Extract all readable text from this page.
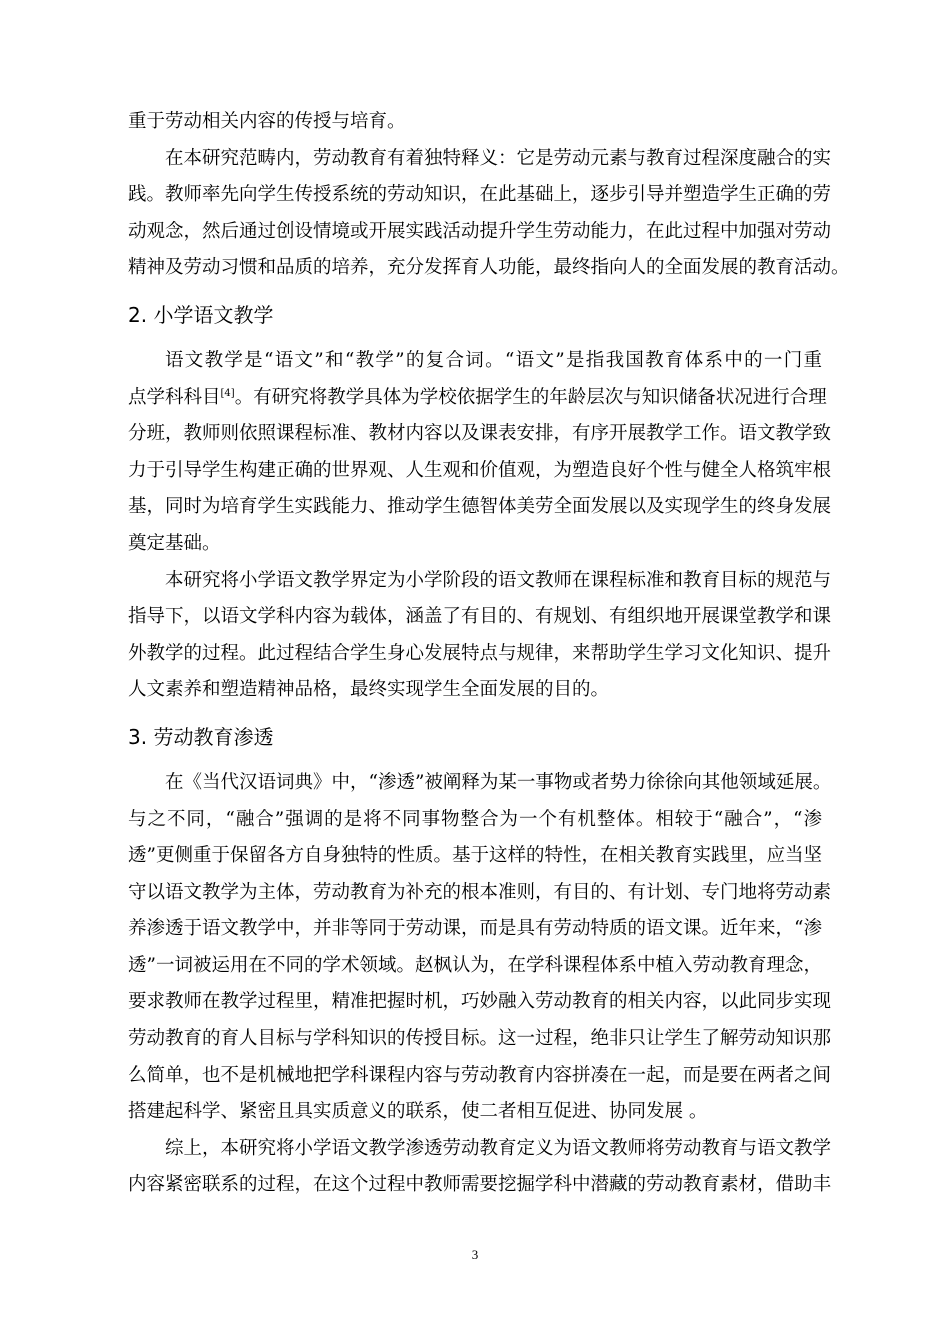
重于劳动相关内容的传授与培育。
在本研究范畴内，劳动教育有着独特释义：它是劳动元素与教育过程深度融合的实
践。教师率先向学生传授系统的劳动知识，在此基础上，逐步引导并塑造学生正确的劳
动观念，然后通过创设情境或开展实践活动提升学生劳动能力，在此过程中加强对劳动
精神及劳动习惯和品质的培养，充分发挥育人功能，最终指向人的全面发展的教育活动。
2. 小学语文教学
语文教学是“语文”和“教学”的复合词。“语文”是指我国教育体系中的一门重
点学科科目[4]。有研究将教学具体为学校依据学生的年龄层次与知识储备状况进行合理
分班，教师则依照课程标准、教材内容以及课表安排，有序开展教学工作。语文教学致
力于引导学生构建正确的世界观、人生观和价值观，为塑造良好个性与健全人格筑牢根
基，同时为培育学生实践能力、推动学生德智体美劳全面发展以及实现学生的终身发展
奠定基础。
本研究将小学语文教学界定为小学阶段的语文教师在课程标准和教育目标的规范与
指导下，以语文学科内容为载体，涵盖了有目的、有规划、有组织地开展课堂教学和课
外教学的过程。此过程结合学生身心发展特点与规律，来帮助学生学习文化知识、提升
人文素养和塑造精神品格，最终实现学生全面发展的目的。
3. 劳动教育渗透
在《当代汉语词典》中，“渗透”被阐释为某一事物或者势力徐徐向其他领域延展。
与之不同，“融合”强调的是将不同事物整合为一个有机整体。相较于“融合”，“渗
透”更侧重于保留各方自身独特的性质。基于这样的特性，在相关教育实践里，应当坚
守以语文教学为主体，劳动教育为补充的根本准则，有目的、有计划、专门地将劳动素
养渗透于语文教学中，并非等同于劳动课，而是具有劳动特质的语文课。近年来，“渗
透”一词被运用在不同的学术领域。赵枫认为，在学科课程体系中植入劳动教育理念，
要求教师在教学过程里，精准把握时机，巧妙融入劳动教育的相关内容，以此同步实现
劳动教育的育人目标与学科知识的传授目标。这一过程，绝非只让学生了解劳动知识那
么简单，也不是机械地把学科课程内容与劳动教育内容拼凑在一起，而是要在两者之间
搭建起科学、紧密且具实质意义的联系，使二者相互促进、协同发展 。
综上，本研究将小学语文教学渗透劳动教育定义为语文教师将劳动教育与语文教学
内容紧密联系的过程，在这个过程中教师需要挖掘学科中潜藏的劳动教育素材，借助丰
3
